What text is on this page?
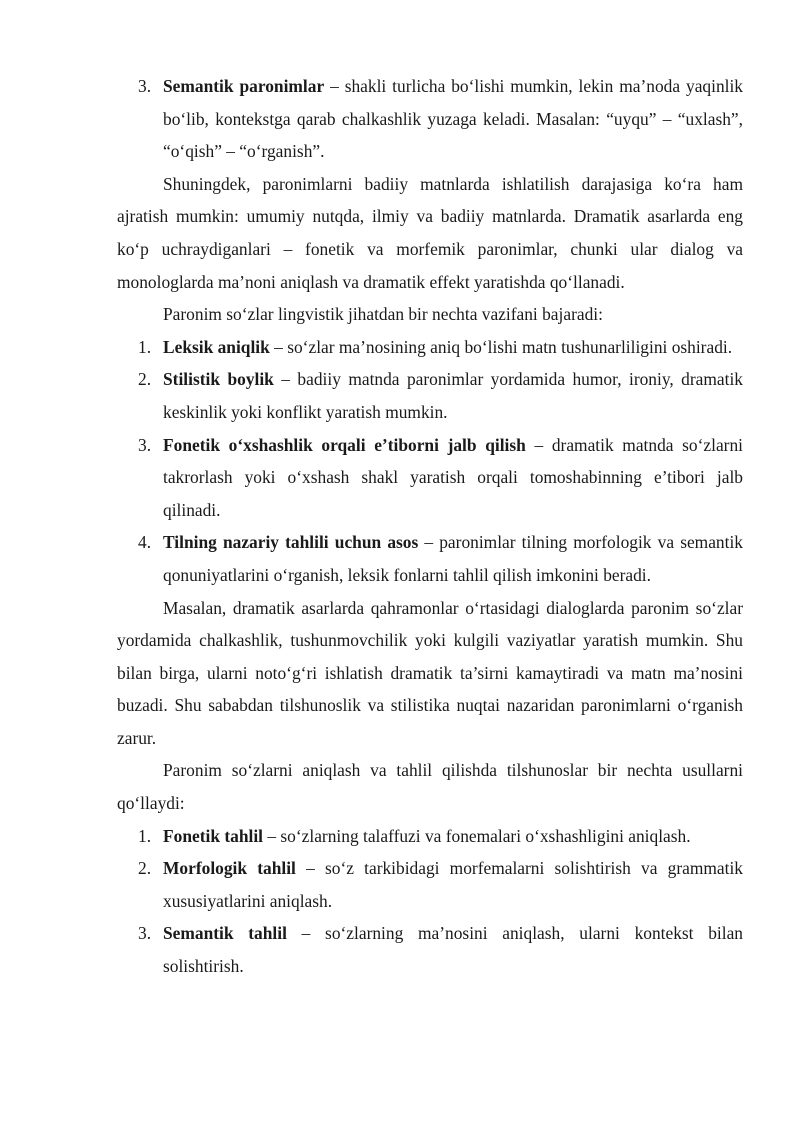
3. Semantik paronimlar – shakli turlicha bo‘lishi mumkin, lekin ma’noda yaqinlik bo‘lib, kontekstga qarab chalkashlik yuzaga keladi. Masalan: “uyqu” – “uxlash”, “o‘qish” – “o‘rganish”.
Shuningdek, paronimlarni badiiy matnlarda ishlatilish darajasiga ko‘ra ham ajratish mumkin: umumiy nutqda, ilmiy va badiiy matnlarda. Dramatik asarlarda eng ko‘p uchraydiganlari – fonetik va morfemik paronimlar, chunki ular dialog va monologlarda ma’noni aniqlash va dramatik effekt yaratishda qo‘llanadi.
Paronim so‘zlar lingvistik jihatdan bir nechta vazifani bajaradi:
1. Leksik aniqlik – so‘zlar ma’nosining aniq bo‘lishi matn tushunarliligini oshiradi.
2. Stilistik boylik – badiiy matnda paronimlar yordamida humor, ironiy, dramatik keskinlik yoki konflikt yaratish mumkin.
3. Fonetik o‘xshashlik orqali e’tiborni jalb qilish – dramatik matnda so‘zlarni takrorlash yoki o‘xshash shakl yaratish orqali tomoshabinning e’tibori jalb qilinadi.
4. Tilning nazariy tahlili uchun asos – paronimlar tilning morfologik va semantik qonuniyatlarini o‘rganish, leksik fonlarni tahlil qilish imkonini beradi.
Masalan, dramatik asarlarda qahramonlar o‘rtasidagi dialoglarda paronim so‘zlar yordamida chalkashlik, tushunmovchilik yoki kulgili vaziyatlar yaratish mumkin. Shu bilan birga, ularni noto‘g‘ri ishlatish dramatik ta’sirni kamaytiradi va matn ma’nosini buzadi. Shu sababdan tilshunoslik va stilistika nuqtai nazaridan paronimlarni o‘rganish zarur.
Paronim so‘zlarni aniqlash va tahlil qilishda tilshunoslar bir nechta usullarni qo‘llaydi:
1. Fonetik tahlil – so‘zlarning talaffuzi va fonemalari o‘xshashligini aniqlash.
2. Morfologik tahlil – so‘z tarkibidagi morfemalarni solishtirish va grammatik xususiyatlarini aniqlash.
3. Semantik tahlil – so‘zlarning ma’nosini aniqlash, ularni kontekst bilan solishtirish.
